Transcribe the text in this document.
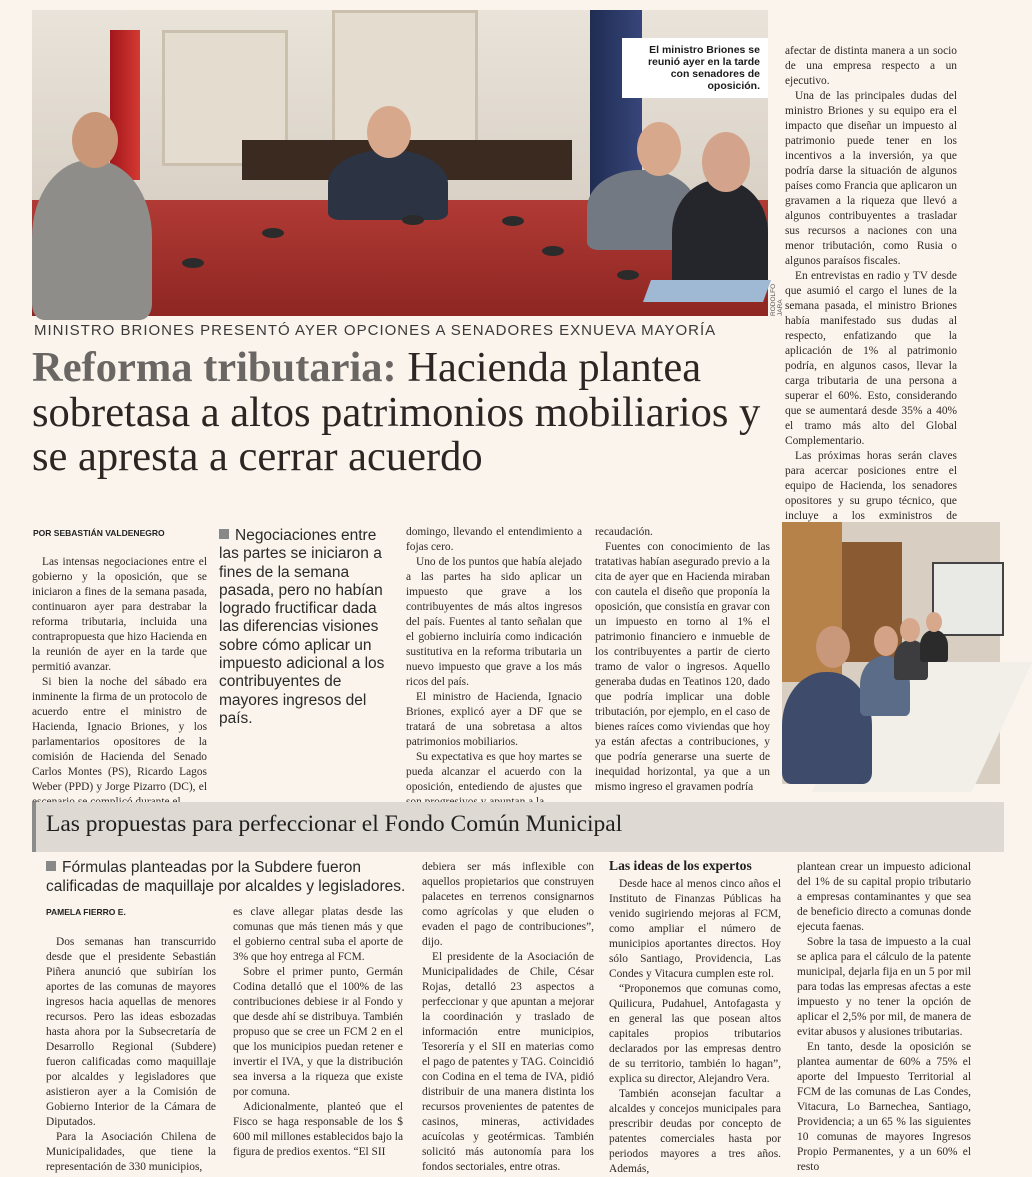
El ministro Briones se reunió ayer en la tarde con senadores de oposición.
RODOLFO JARA
MINISTRO BRIONES PRESENTÓ AYER OPCIONES A SENADORES EXNUEVA MAYORÍA
Reforma tributaria: Hacienda plantea sobretasa a altos patrimonios mobiliarios y se apresta a cerrar acuerdo

afectar de distinta manera a un socio de una empresa respecto a un ejecutivo.

Una de las principales dudas del ministro Briones y su equipo era el impacto que diseñar un impuesto al patrimonio puede tener en los incentivos a la inversión, ya que podría darse la situación de algunos países como Francia que aplicaron un gravamen a la riqueza que llevó a algunos contribuyentes a trasladar sus recursos a naciones con una menor tributación, como Rusia o algunos paraísos fiscales.

En entrevistas en radio y TV desde que asumió el cargo el lunes de la semana pasada, el ministro Briones había manifestado sus dudas al respecto, enfatizando que la aplicación de 1% al patrimonio podría, en algunos casos, llevar la carga tributaria de una persona a superar el 60%. Esto, considerando que se aumentará desde 35% a 40% el tramo más alto del Global Complementario.

Las próximas horas serán claves para acercar posiciones entre el equipo de Hacienda, los senadores opositores y su grupo técnico, que incluye a los exministros de

POR SEBASTIÁN VALDENEGRO

Las intensas negociaciones entre el gobierno y la oposición, que se iniciaron a fines de la semana pasada, continuaron ayer para destrabar la reforma tributaria, incluida una contrapropuesta que hizo Hacienda en la reunión de ayer en la tarde que permitió avanzar.

Si bien la noche del sábado era inminente la firma de un protocolo de acuerdo entre el ministro de Hacienda, Ignacio Briones, y los parlamentarios opositores de la comisión de Hacienda del Senado Carlos Montes (PS), Ricardo Lagos Weber (PPD) y Jorge Pizarro (DC), el

Negociaciones entre las partes se iniciaron a fines de la semana pasada, pero no habían logrado fructificar dada las diferencias visiones sobre cómo aplicar un impuesto adicional a los contribuyentes de mayores ingresos del país.

domingo, llevando el entendimiento a fojas cero.

Uno de los puntos que había alejado a las partes ha sido aplicar un impuesto que grave a los contribuyentes de más altos ingresos del país. Fuentes al tanto señalan que el gobierno incluiría como indicación sustitutiva en la reforma tributaria un nuevo impuesto que grave a los más ricos del país.

El ministro de Hacienda, Ignacio Briones, explicó ayer a DF que se tratará de una sobretasa a altos patrimonios mobiliarios.

Su expectativa es que hoy martes se pueda alcanzar el acuerdo con la oposición, entediendo de ajustes que

recaudación.

Fuentes con conocimiento de las tratativas habían asegurado previo a la cita de ayer que en Hacienda miraban con cautela el diseño que proponía la oposición, que consistía en gravar con un impuesto en torno al 1% el patrimonio financiero e inmueble de los contribuyentes a partir de cierto tramo de valor o ingresos. Aquello generaba dudas en Teatinos 120, dado que podría implicar una doble tributación, por ejemplo, en el caso de bienes raíces como viviendas que hoy ya están afectas a contribuciones, y que podría generarse una suerte de inequidad horizontal, ya que a un mismo ingreso el gravamen podría

Las propuestas para perfeccionar el Fondo Común Municipal
Fórmulas planteadas por la Subdere fueron calificadas de maquillaje por alcaldes y legisladores.
PAMELA FIERRO E.

Dos semanas han transcurrido desde que el presidente Sebastián Piñera anunció que subirían los aportes de las comunas de mayores ingresos hacia aquellas de menores recursos. Pero las ideas esbozadas hasta ahora por la Subsecretaría de Desarrollo Regional (Subdere) fueron calificadas como maquillaje por alcaldes y legisladores que asistieron ayer a la Comisión de Gobierno Interior de la Cámara de Diputados.

Para la Asociación Chilena de Municipalidades, que tiene la representación de 330 municipios,

es clave allegar platas desde las comunas que más tienen más y que el gobierno central suba el aporte de 3% que hoy entrega al FCM.

Sobre el primer punto, Germán Codina detalló que el 100% de las contribuciones debiese ir al Fondo y que desde ahí se distribuya. También propuso que se cree un FCM 2 en el que los municipios puedan retener e invertir el IVA, y que la distribución sea inversa a la riqueza que existe por comuna.

Adicionalmente, planteó que el Fisco se haga responsable de los $ 600 mil millones establecidos bajo la figura de predios exentos. “El SII

debiera ser más inflexible con aquellos propietarios que construyen palacetes en terrenos consignarnos como agrícolas y que eluden o evaden el pago de contribuciones”, dijo.

El presidente de la Asociación de Municipalidades de Chile, César Rojas, detalló 23 aspectos a perfeccionar y que apuntan a mejorar la coordinación y traslado de información entre municipios, Tesorería y el SII en materias como el pago de patentes y TAG. Coincidió con Codina en el tema de IVA, pidió distribuir de una manera distinta los recursos provenientes de patentes de casinos, mineras, actividades acuícolas y geotérmicas. También solicitó más autonomía para los fondos sectoriales, entre otras.

Las ideas de los expertos

Desde hace al menos cinco años el Instituto de Finanzas Públicas ha venido sugiriendo mejoras al FCM, como ampliar el número de municipios aportantes directos. Hoy sólo Santiago, Providencia, Las Condes y Vitacura cumplen este rol.

“Proponemos que comunas como, Quilicura, Pudahuel, Antofagasta y en general las que posean altos capitales propios tributarios declarados por las empresas dentro de su territorio, también lo hagan”, explica su director, Alejandro Vera.

También aconsejan facultar a alcaldes y concejos municipales para prescribir deudas por concepto de patentes comerciales hasta por periodos mayores a tres años. Además,

plantean crear un impuesto adicional del 1% de su capital propio tributario a empresas contaminantes y que sea de beneficio directo a comunas donde ejecuta faenas.

Sobre la tasa de impuesto a la cual se aplica para el cálculo de la patente municipal, dejarla fija en un 5 por mil para todas las empresas afectas a este impuesto y no tener la opción de aplicar el 2,5% por mil, de manera de evitar abusos y alusiones tributarias.

En tanto, desde la oposición se plantea aumentar de 60% a 75% el aporte del Impuesto Territorial al FCM de las comunas de Las Condes, Vitacura, Lo Barnechea, Santiago, Providencia; a un 65 % las siguientes 10 comunas de mayores Ingresos Propio Permanentes, y a un 60% el resto
